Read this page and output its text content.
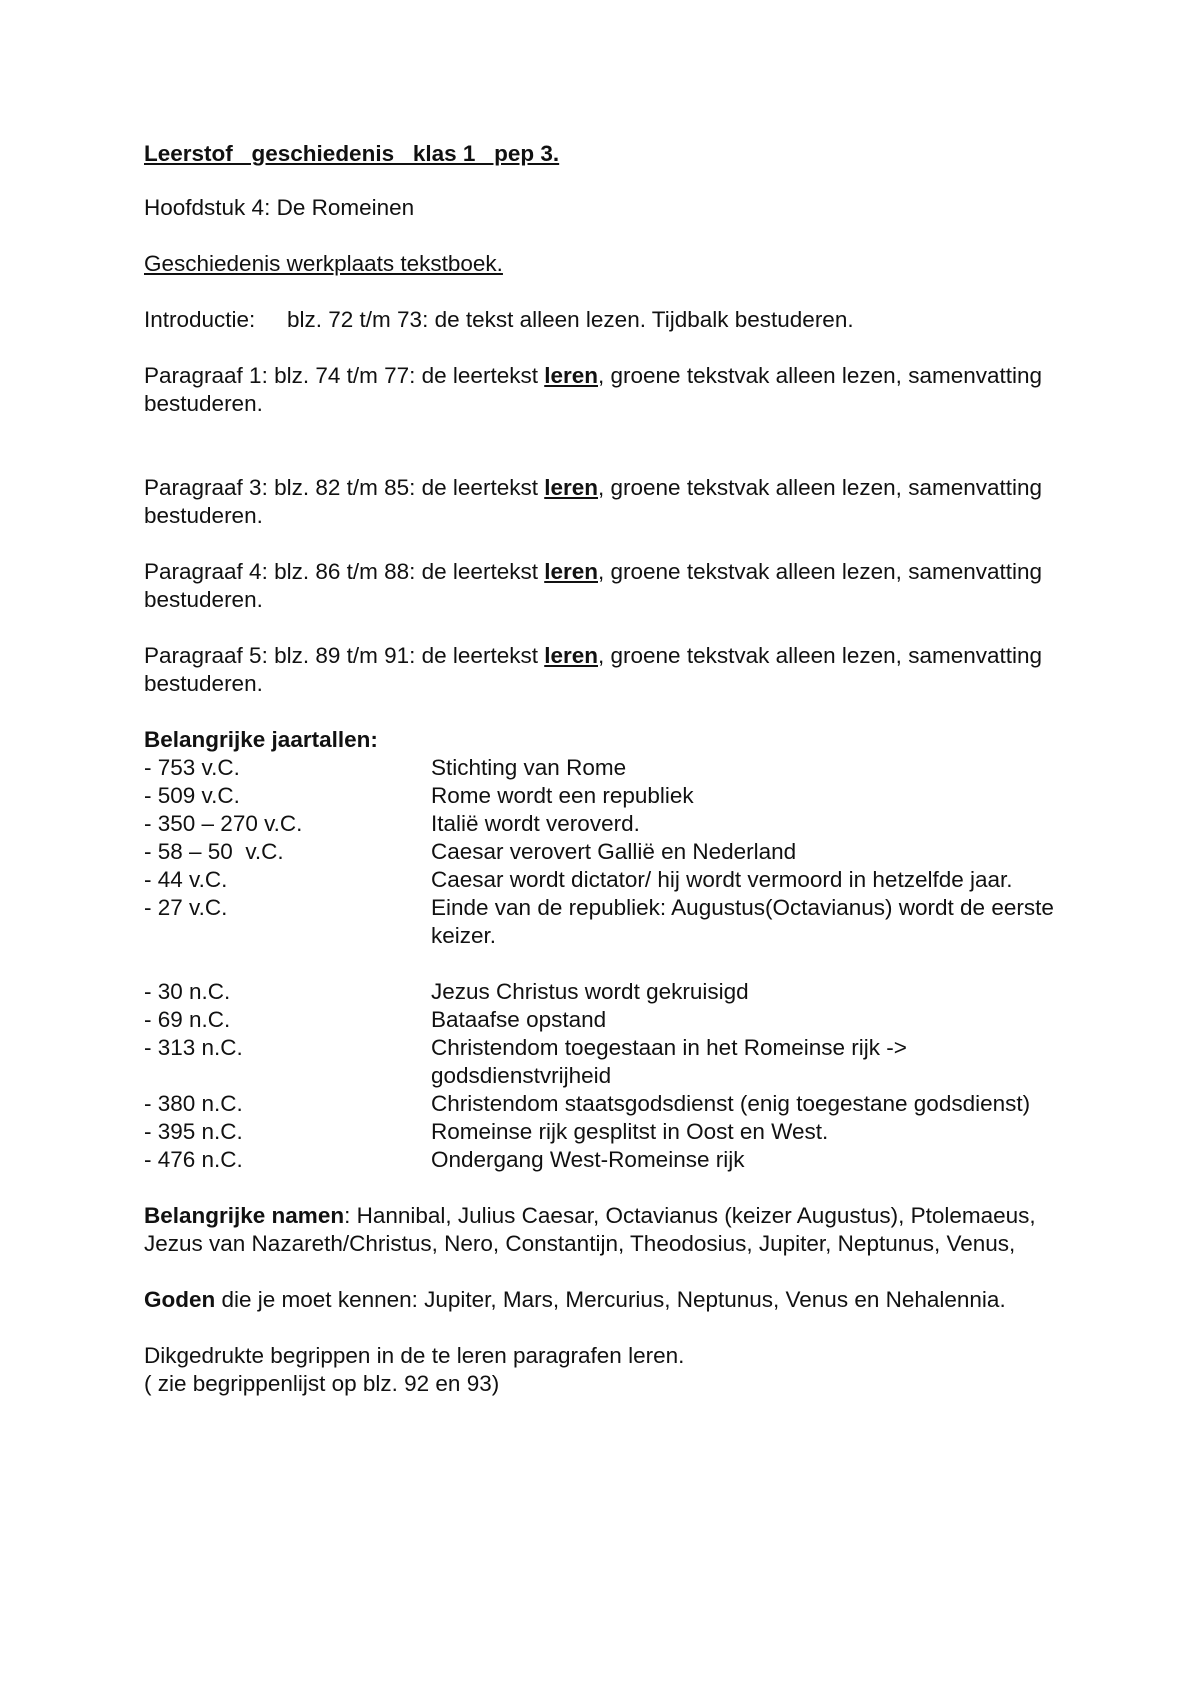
Leerstof   geschiedenis   klas 1   pep 3.

Hoofdstuk 4: De Romeinen

Geschiedenis werkplaats tekstboek.

Introductie: blz. 72 t/m 73: de tekst alleen lezen. Tijdbalk bestuderen.

Paragraaf 1: blz. 74 t/m 77: de leertekst leren, groene tekstvak alleen lezen, samenvatting bestuderen.

Paragraaf 3: blz. 82 t/m 85: de leertekst leren, groene tekstvak alleen lezen, samenvatting bestuderen.

Paragraaf 4: blz. 86 t/m 88: de leertekst leren, groene tekstvak alleen lezen, samenvatting bestuderen.

Paragraaf 5: blz. 89 t/m 91: de leertekst leren, groene tekstvak alleen lezen, samenvatting bestuderen.

Belangrijke jaartallen:

- 753 v.C.	Stichting van Rome
- 509 v.C.	Rome wordt een republiek
- 350 – 270 v.C.	Italië wordt veroverd.
- 58 – 50  v.C.	Caesar verovert Gallië en Nederland
- 44 v.C.	Caesar wordt dictator/ hij wordt vermoord in hetzelfde jaar.
- 27 v.C.	Einde van de republiek: Augustus(Octavianus) wordt de eerste keizer.
- 30 n.C.	Jezus Christus wordt gekruisigd
- 69 n.C.	Bataafse opstand
- 313 n.C.	Christendom toegestaan in het Romeinse rijk -> godsdienstvrijheid
- 380 n.C.	Christendom staatsgodsdienst (enig toegestane godsdienst)
- 395 n.C.	Romeinse rijk gesplitst in Oost en West.
- 476 n.C.	Ondergang West-Romeinse rijk

Belangrijke namen: Hannibal, Julius Caesar, Octavianus (keizer Augustus), Ptolemaeus, Jezus van Nazareth/Christus, Nero, Constantijn, Theodosius, Jupiter, Neptunus, Venus,

Goden die je moet kennen: Jupiter, Mars, Mercurius, Neptunus, Venus en Nehalennia.

Dikgedrukte begrippen in de te leren paragrafen leren.
( zie begrippenlijst op blz. 92 en 93)
